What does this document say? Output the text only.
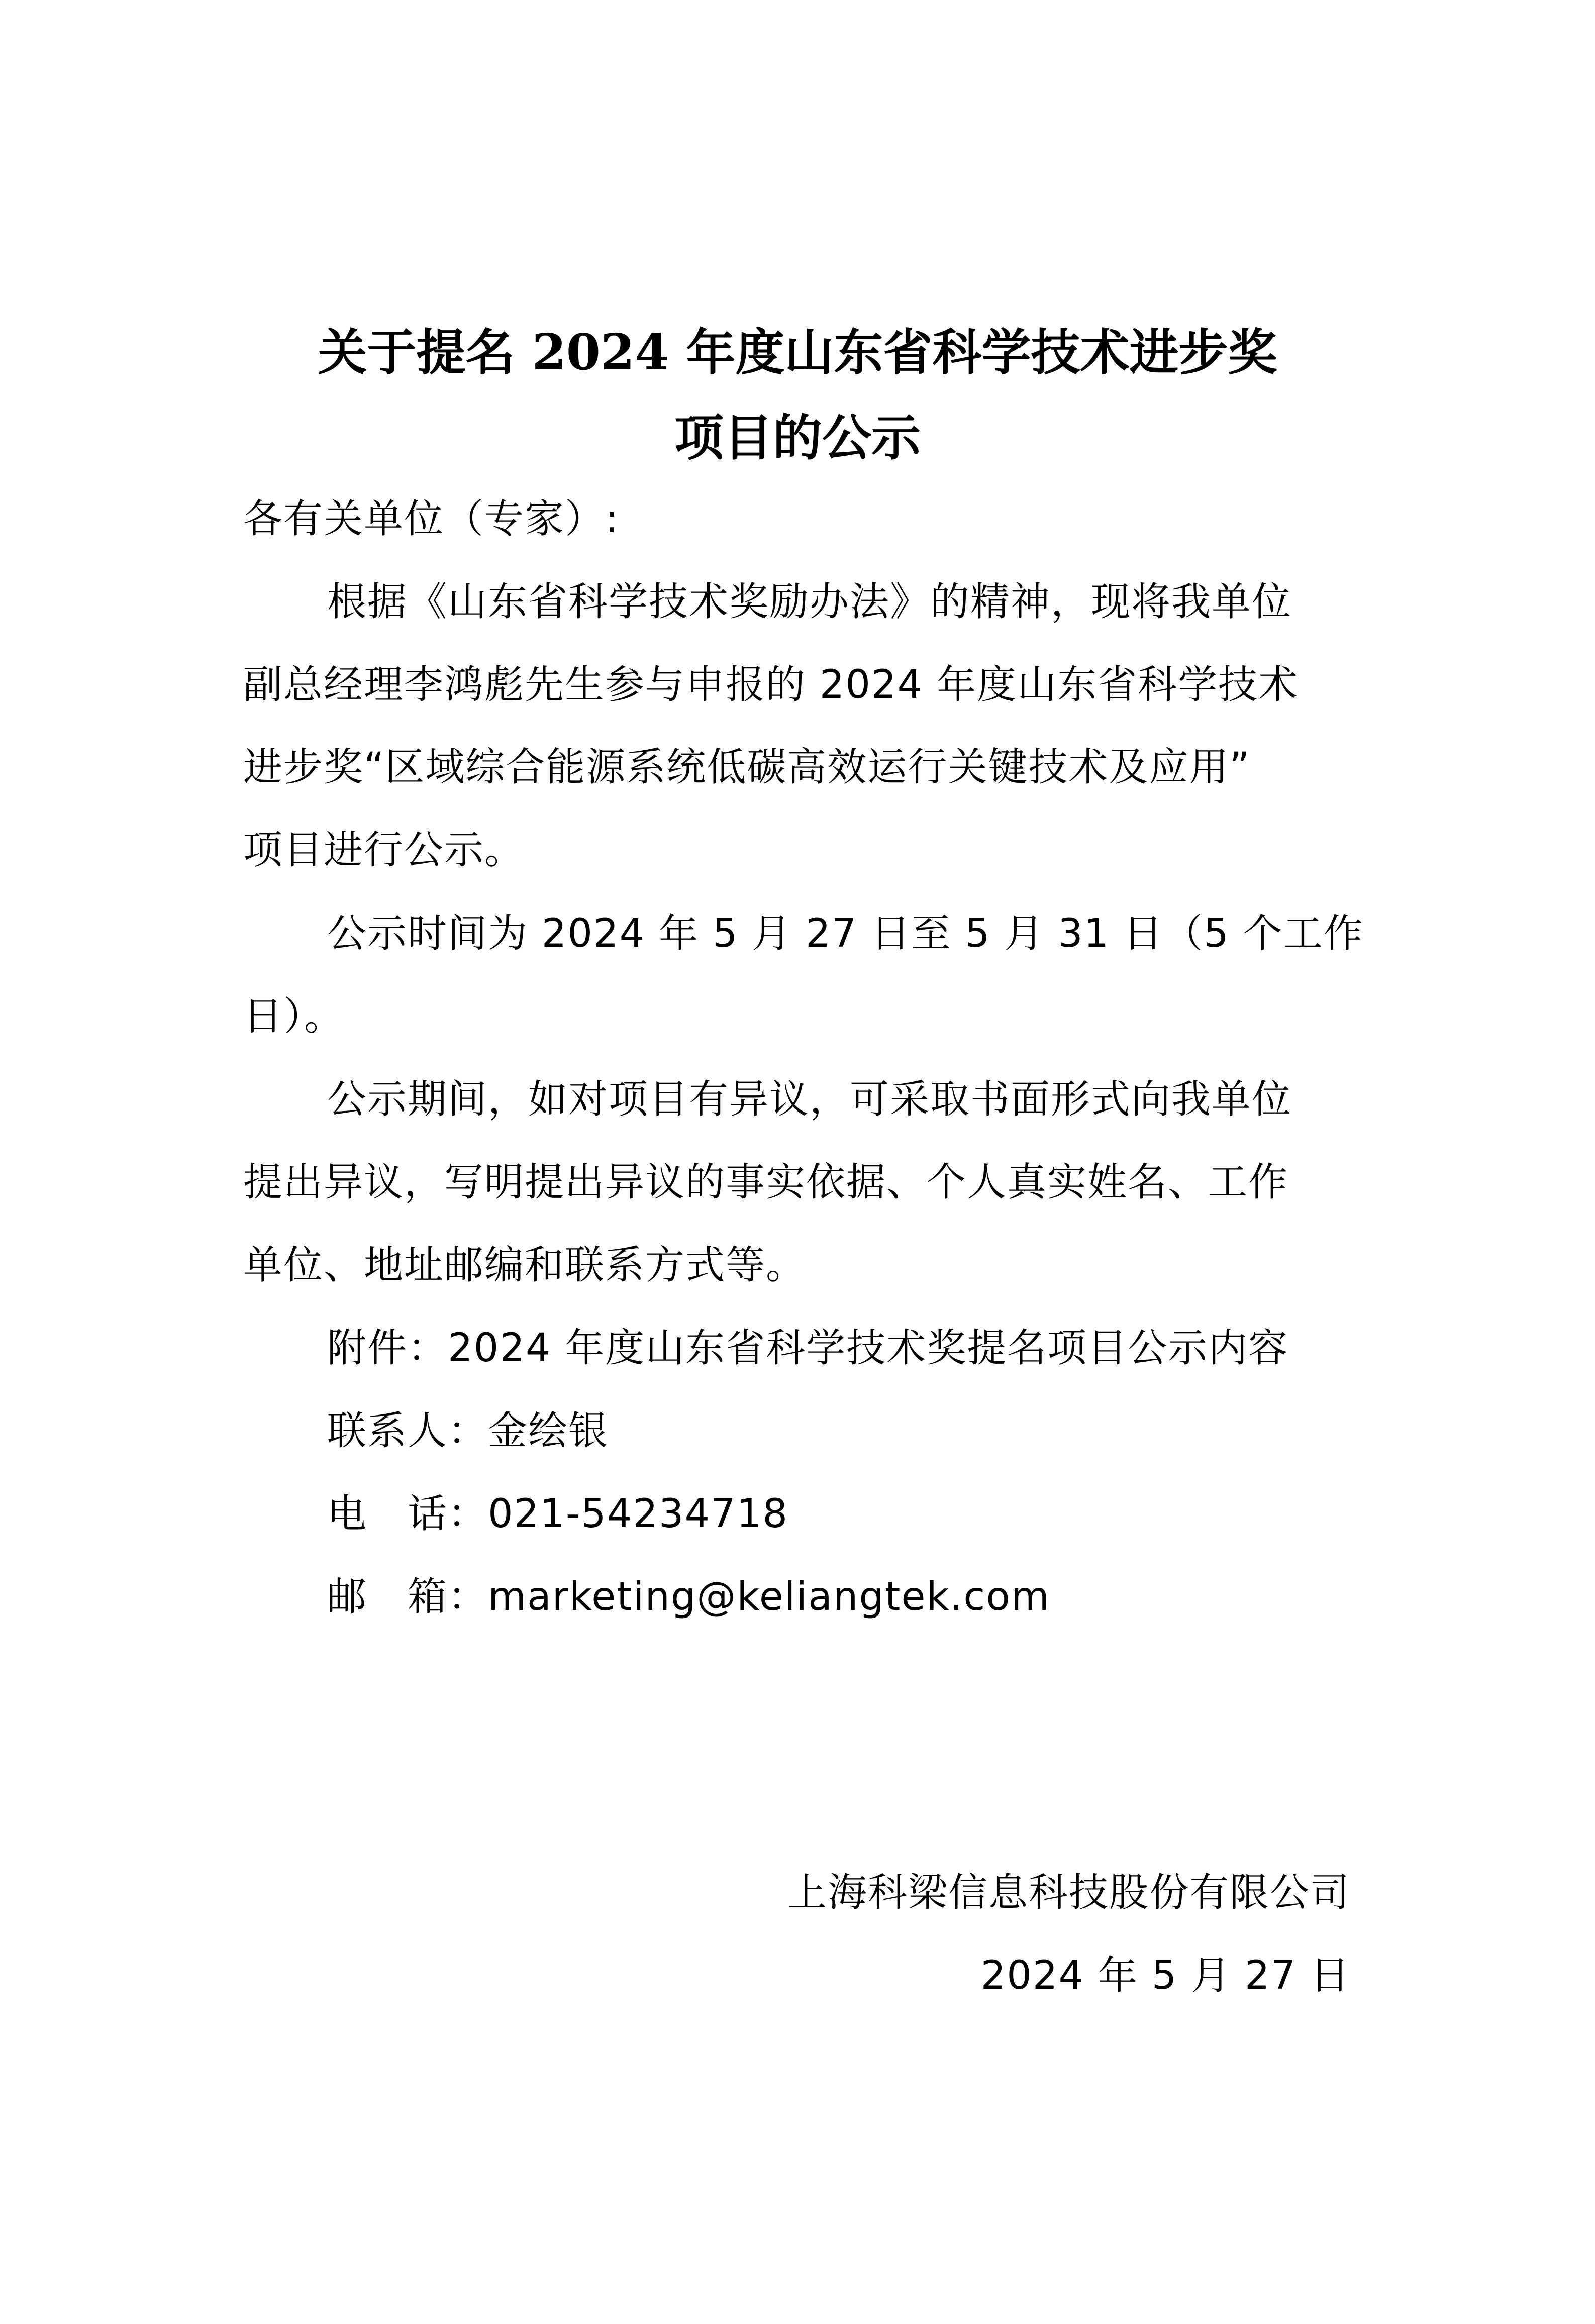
关于提名 2024 年度山东省科学技术进步奖
项目的公示
各有关单位（专家）:
根据《山东省科学技术奖励办法》的精神，现将我单位
副总经理李鸿彪先生参与申报的 2024 年度山东省科学技术
进步奖“区域综合能源系统低碳高效运行关键技术及应用”
项目进行公示。
公示时间为 2024 年 5 月 27 日至 5 月 31 日（5 个工作
日）。
公示期间，如对项目有异议，可采取书面形式向我单位
提出异议，写明提出异议的事实依据、个人真实姓名、工作
单位、地址邮编和联系方式等。
附件：2024 年度山东省科学技术奖提名项目公示内容
联系人：金绘银
电　话：021-54234718
邮　箱：marketing@keliangtek.com
上海科梁信息科技股份有限公司
2024 年 5 月 27 日
